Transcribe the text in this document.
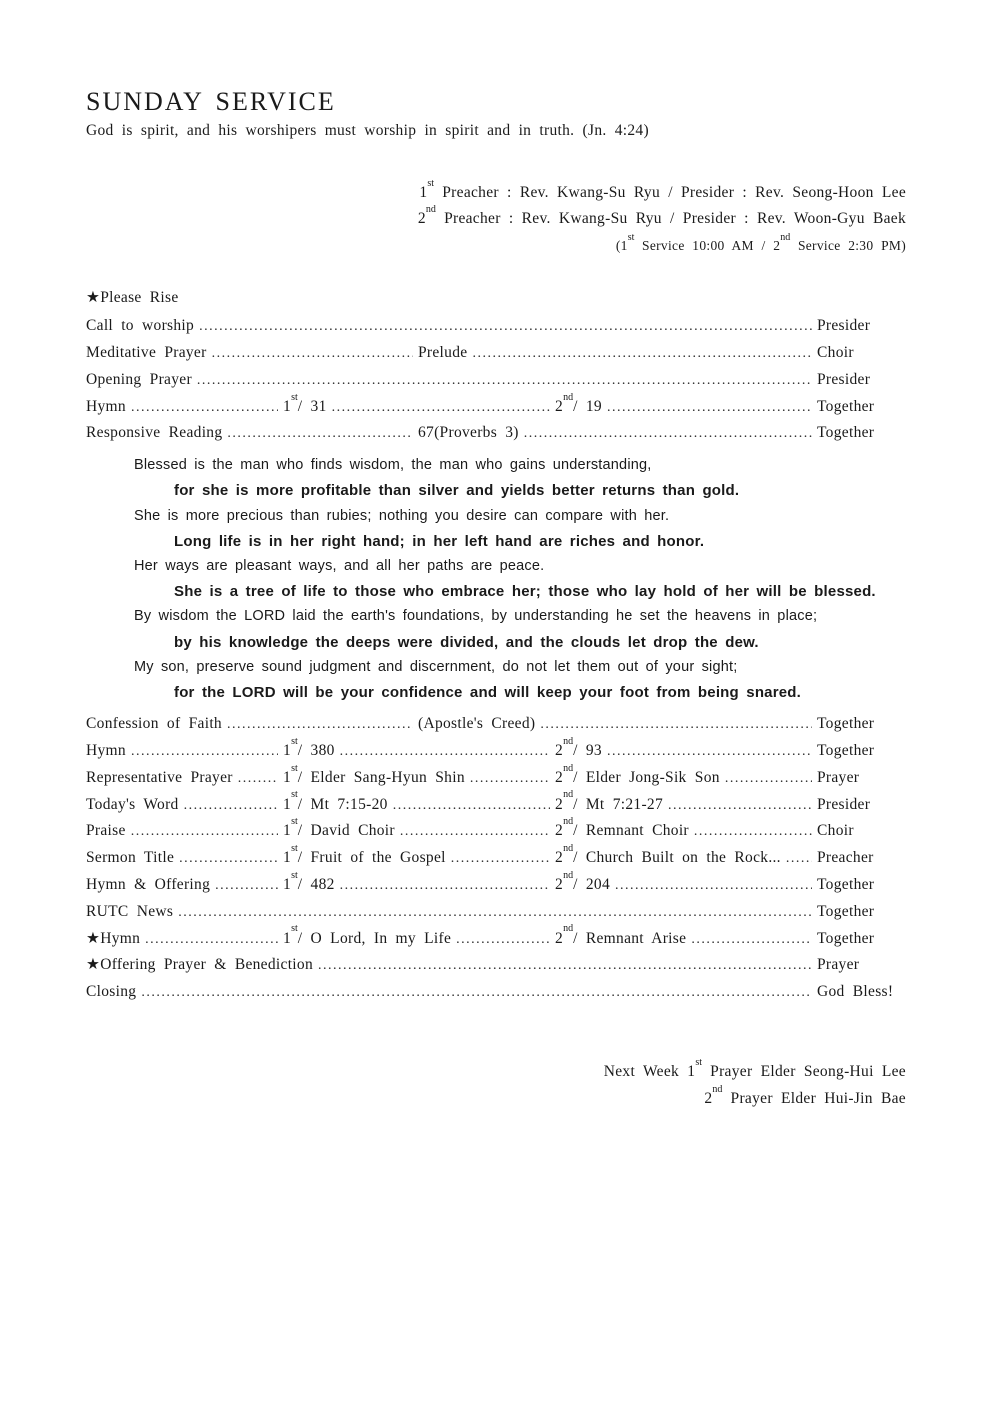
SUNDAY SERVICE

God is spirit, and his worshipers must worship in spirit and in truth. (Jn. 4:24)

1st Preacher : Rev. Kwang-Su Ryu / Presider : Rev. Seong-Hoon Lee
2nd Preacher : Rev. Kwang-Su Ryu / Presider : Rev. Woon-Gyu Baek
(1st Service 10:00 AM / 2nd Service 2:30 PM)
★Please Rise
Call to worship .....	Presider
Meditative Prayer .....	Prelude .....	Choir
Opening Prayer .....	Presider
Hymn .....	1st/ 31 .....	2nd/ 19 .....	Together
Responsive Reading .....	67(Proverbs 3) .....	Together
Blessed is the man who finds wisdom, the man who gains understanding,
for she is more profitable than silver and yields better returns than gold.
She is more precious than rubies; nothing you desire can compare with her.
Long life is in her right hand; in her left hand are riches and honor.
Her ways are pleasant ways, and all her paths are peace.
She is a tree of life to those who embrace her; those who lay hold of her will be blessed.
By wisdom the LORD laid the earth's foundations, by understanding he set the heavens in place;
by his knowledge the deeps were divided, and the clouds let drop the dew.
My son, preserve sound judgment and discernment, do not let them out of your sight;
for the LORD will be your confidence and will keep your foot from being snared.
Confession of Faith .....	(Apostle's Creed) .....	Together
Hymn .....	1st/ 380 .....	2nd/ 93 .....	Together
Representative Prayer .....	1st/ Elder Sang-Hyun Shin .....	2nd/ Elder Jong-Sik Son .....	Prayer
Today's Word .....	1st/ Mt 7:15-20 .....	2nd/ Mt 7:21-27 .....	Presider
Praise .....	1st/ David Choir .....	2nd/ Remnant Choir .....	Choir
Sermon Title .....	1st/ Fruit of the Gospel .....	2nd/ Church Built on the Rock... ..... Preacher
Hymn & Offering .....	1st/ 482 .....	2nd/ 204 .....	Together
RUTC News .....	Together
★Hymn .....	1st/ O Lord, In my Life .....	2nd/ Remnant Arise .....	Together
★Offering Prayer & Benediction .....	Prayer
Closing .....	God Bless!
Next Week 1st Prayer Elder Seong-Hui Lee
2nd Prayer Elder Hui-Jin Bae
